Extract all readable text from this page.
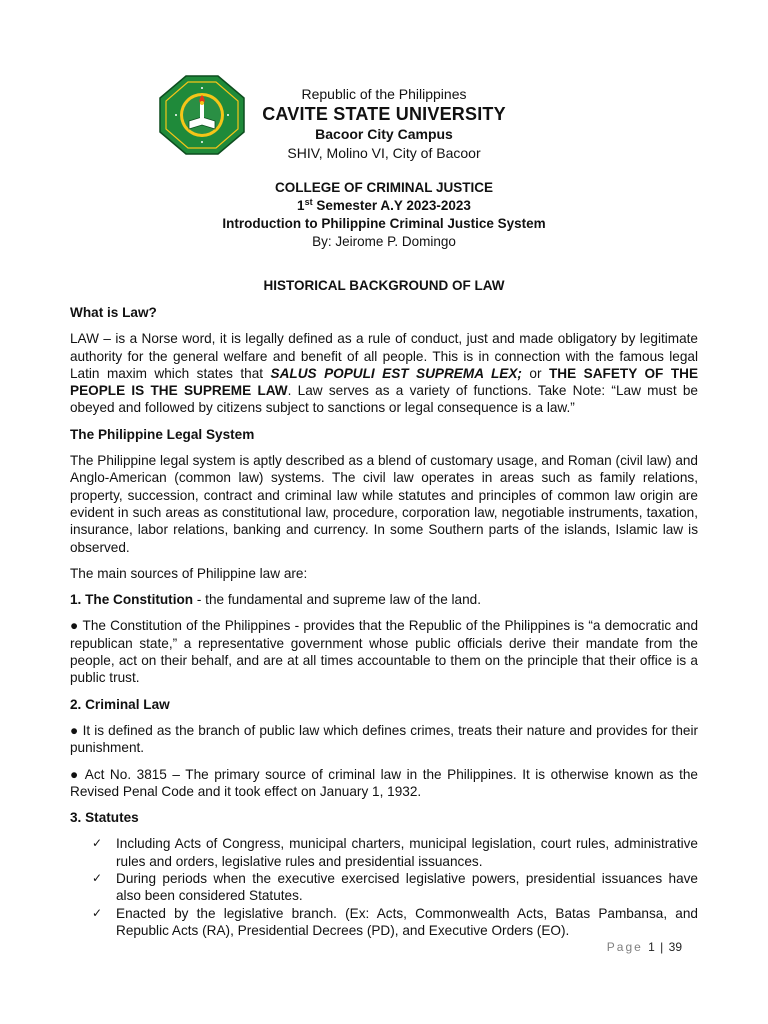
Republic of the Philippines
CAVITE STATE UNIVERSITY
Bacoor City Campus
SHIV, Molino VI, City of Bacoor
COLLEGE OF CRIMINAL JUSTICE
1st Semester A.Y 2023-2023
Introduction to Philippine Criminal Justice System
By: Jeirome P. Domingo
HISTORICAL BACKGROUND OF LAW
What is Law?

LAW – is a Norse word, it is legally defined as a rule of conduct, just and made obligatory by legitimate authority for the general welfare and benefit of all people. This is in connection with the famous legal Latin maxim which states that SALUS POPULI EST SUPREMA LEX; or THE SAFETY OF THE PEOPLE IS THE SUPREME LAW. Law serves as a variety of functions. Take Note: “Law must be obeyed and followed by citizens subject to sanctions or legal consequence is a law.”

The Philippine Legal System

The Philippine legal system is aptly described as a blend of customary usage, and Roman (civil law) and Anglo-American (common law) systems. The civil law operates in areas such as family relations, property, succession, contract and criminal law while statutes and principles of common law origin are evident in such areas as constitutional law, procedure, corporation law, negotiable instruments, taxation, insurance, labor relations, banking and currency. In some Southern parts of the islands, Islamic law is observed.

The main sources of Philippine law are:

1. The Constitution - the fundamental and supreme law of the land.

● The Constitution of the Philippines - provides that the Republic of the Philippines is “a democratic and republican state,” a representative government whose public officials derive their mandate from the people, act on their behalf, and are at all times accountable to them on the principle that their office is a public trust.

2. Criminal Law

● It is defined as the branch of public law which defines crimes, treats their nature and provides for their punishment.

● Act No. 3815 – The primary source of criminal law in the Philippines. It is otherwise known as the Revised Penal Code and it took effect on January 1, 1932.

3. Statutes
✓ Including Acts of Congress, municipal charters, municipal legislation, court rules, administrative rules and orders, legislative rules and presidential issuances.
✓ During periods when the executive exercised legislative powers, presidential issuances have also been considered Statutes.
✓ Enacted by the legislative branch. (Ex: Acts, Commonwealth Acts, Batas Pambansa, and Republic Acts (RA), Presidential Decrees (PD), and Executive Orders (EO).
Page 1 | 39
